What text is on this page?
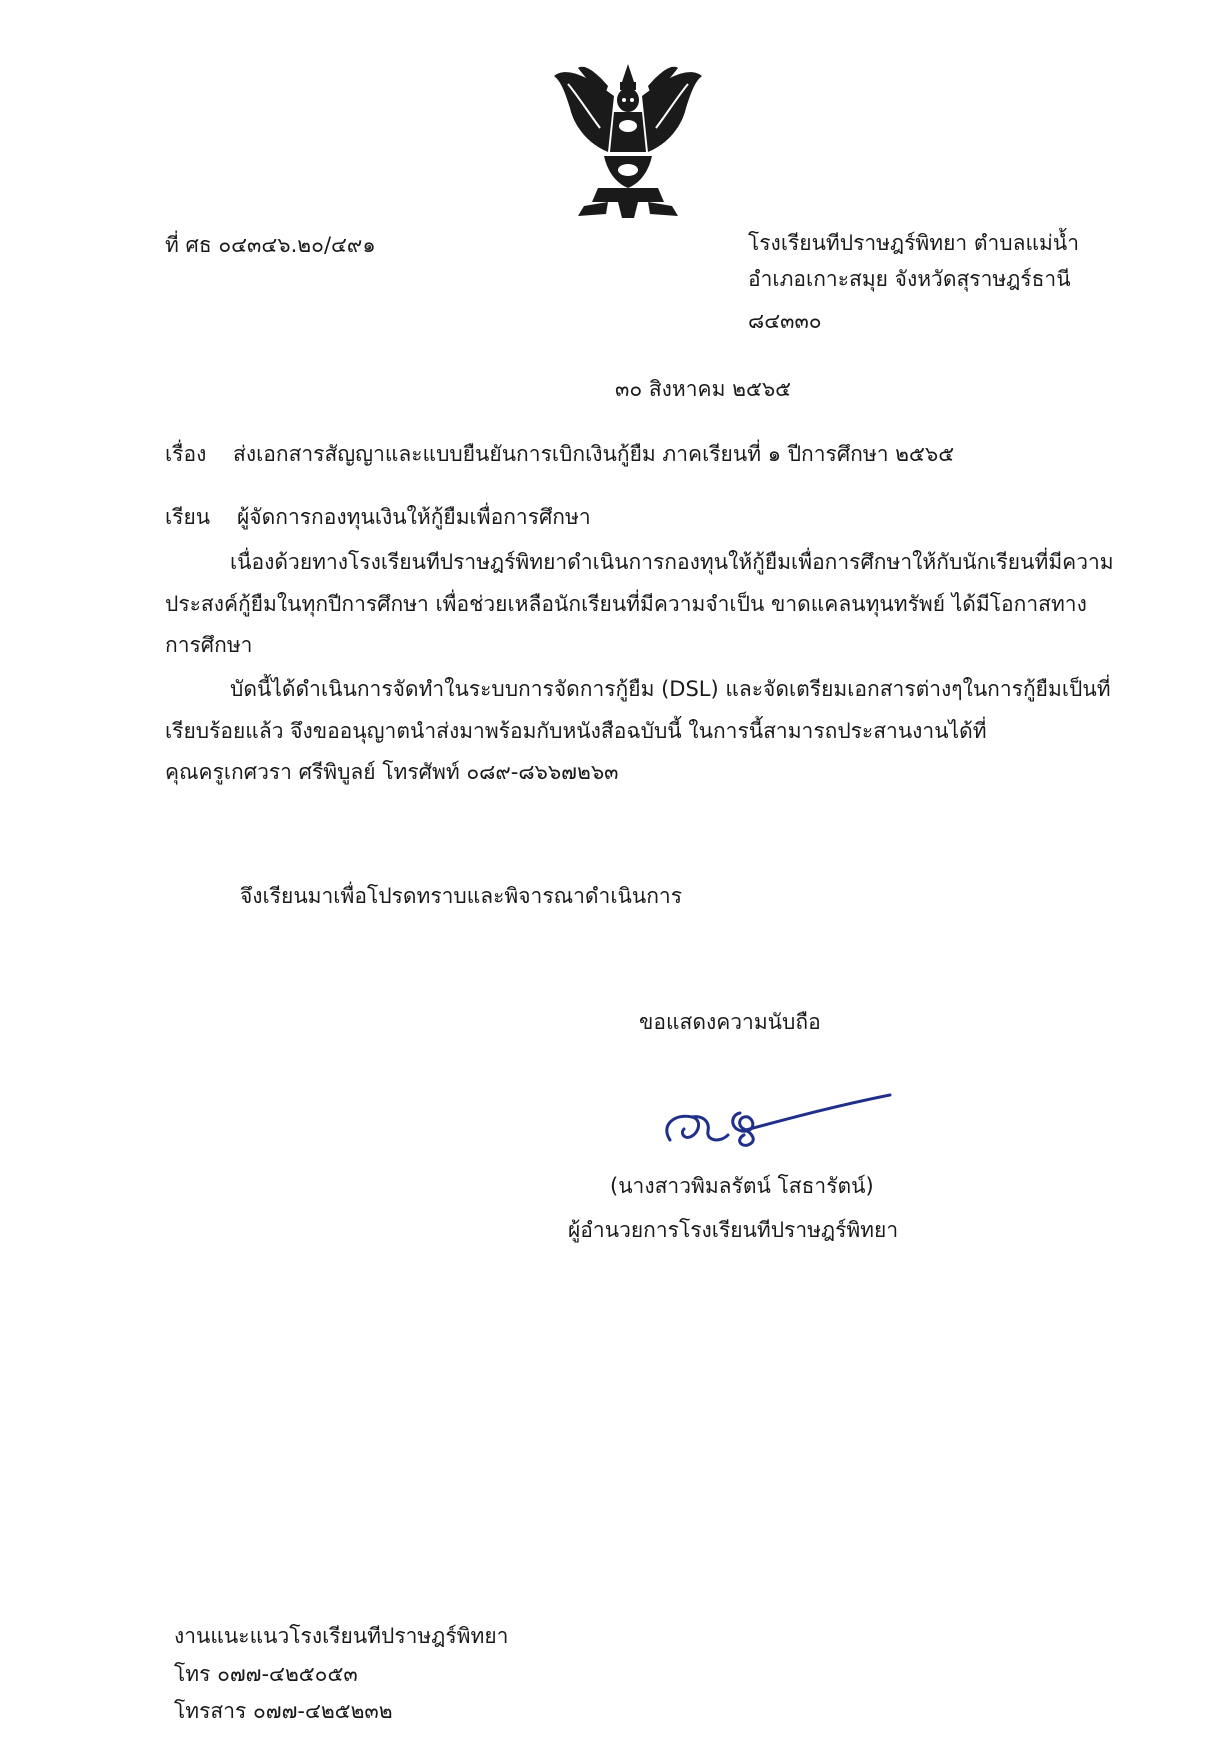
ที่ ศธ ๐๔๓๔๖.๒๐/๔๙๑	โรงเรียนทีปราษฎร์พิทยา ตำบลแม่น้ำ
อำเภอเกาะสมุย จังหวัดสุราษฎร์ธานี
๘๔๓๓๐
๓๐ สิงหาคม ๒๕๖๕
เรื่อง ส่งเอกสารสัญญาและแบบยืนยันการเบิกเงินกู้ยืม ภาคเรียนที่ ๑ ปีการศึกษา ๒๕๖๕
เรียน ผู้จัดการกองทุนเงินให้กู้ยืมเพื่อการศึกษา
เนื่องด้วยทางโรงเรียนทีปราษฎร์พิทยาดำเนินการกองทุนให้กู้ยืมเพื่อการศึกษาให้กับนักเรียนที่มีความ
ประสงค์กู้ยืมในทุกปีการศึกษา เพื่อช่วยเหลือนักเรียนที่มีความจำเป็น ขาดแคลนทุนทรัพย์ ได้มีโอกาสทาง
การศึกษา
บัดนี้ได้ดำเนินการจัดทำในระบบการจัดการกู้ยืม (DSL) และจัดเตรียมเอกสารต่างๆในการกู้ยืมเป็นที่
เรียบร้อยแล้ว จึงขออนุญาตนำส่งมาพร้อมกับหนังสือฉบับนี้ ในการนี้สามารถประสานงานได้ที่
คุณครูเกศวรา ศรีพิบูลย์ โทรศัพท์ ๐๘๙-๘๖๖๗๒๖๓
จึงเรียนมาเพื่อโปรดทราบและพิจารณาดำเนินการ
ขอแสดงความนับถือ
(นางสาวพิมลรัตน์ โสธารัตน์)
ผู้อำนวยการโรงเรียนทีปราษฎร์พิทยา
งานแนะแนวโรงเรียนทีปราษฎร์พิทยา
โทร ๐๗๗-๔๒๕๐๕๓
โทรสาร ๐๗๗-๔๒๕๒๓๒
